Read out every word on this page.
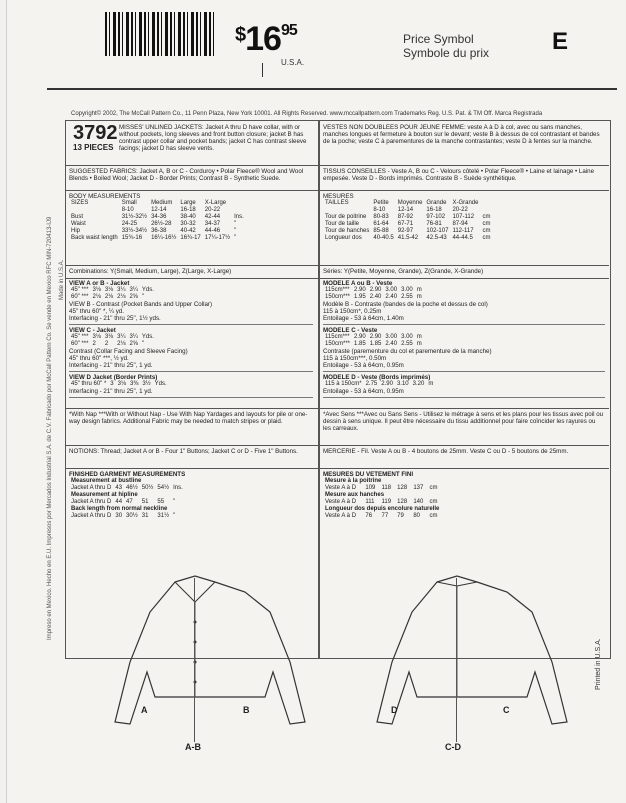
$^{\$}16^{95}$
U.S.A.
Price Symbol
Symbole du prix	E
Copyright© 2002, The McCall Pattern Co., 11 Penn Plaza, New York 10001. All Rights Reserved. www.mccallpattern.com Trademarks Reg. U.S. Pat. & TM Off. Marca Registrada
Impreso en Mexico. Hecho en E.U. Impresos por Mercados Industrial S.A. de C.V. Fabricado por McCall Pattern Co. Se vende en Mexico RFC MIN-720413-IJ9 Made in U.S.A.
3792
13 PIECES
MISSES' UNLINED JACKETS: Jacket A thru D have collar, with or without pockets, long sleeves and front button closure; jacket B has contrast upper collar and pocket bands; jacket C has contrast sleeve facings; jacket D has sleeve vents.
VESTES NON DOUBLEES POUR JEUNE FEMME: veste A à D à col, avec ou sans manches, manches longues et fermeture à bouton sur le devant; veste B à dessus de col contrastant et bandes de la poche; veste C à parementures de la manche contrastantes; veste D à fentes sur la manche.
SUGGESTED FABRICS: Jacket A, B or C - Corduroy • Polar Fleece® Wool and Wool Blends • Boiled Wool; Jacket D - Border Prints; Contrast B - Synthetic Suede.
TISSUS CONSEILLES - Veste A, B ou C - Velours côtelé • Polar Fleece® • Laine et lainage • Laine empesée. Veste D - Bords imprimés. Contraste B - Suède synthétique.
BODY MEASUREMENTS
SIZES	Small	Medium	Large	X-Large	
	8-10	12-14	16-18	20-22	
Bust	31½-32½	34-36	38-40	42-44	Ins.
Waist	24-25	26½-28	30-32	34-37	"
Hip	33½-34½	36-38	40-42	44-46	"
Back waist length	15¾-16	16¼-16½	16¾-17	17¼-17½	"
MESURES
TAILLES	Petite	Moyenne	Grande	X-Grande	
	8-10	12-14	16-18	20-22	
Tour de poitrine	80-83	87-92	97-102	107-112	cm
Tour de taille	61-64	67-71	76-81	87-94	cm
Tour de hanches	85-88	92-97	102-107	112-117	cm
Longueur dos	40-40.5	41.5-42	42.5-43	44-44.5	cm
Combinations: Y(Small, Medium, Large), Z(Large, X-Large)	Séries: Y(Petite, Moyenne, Grande), Z(Grande, X-Grande)
VIEW A or B - Jacket
45" ***	3⅛	3⅛	3¼	3¼	Yds.
60" ***	2⅛	2⅛	2⅛	2⅝	"
VIEW B - Contrast (Pocket Bands and Upper Collar)
45" thru 60" *, ¼ yd.
Interfacing - 21" thru 25", 1½ yds.
VIEW C - Jacket
45" ***	3⅛	3⅛	3¼	3¼	Yds.
60" ***	2	2	2⅛	2⅝	"
Contrast (Collar Facing and Sleeve Facing)
45" thru 60" ***, ½ yd.
Interfacing - 21" thru 25", 1 yd.
VIEW D Jacket (Border Prints)
45" thru 60" *	3	3⅛	3⅜	3½	Yds.
Interfacing - 21" thru 25", 1 yd.
MODELE A ou B - Veste
115cm***	2.90	2.90	3.00	3.00	m
150cm***	1.95	2.40	2.40	2.55	m
Modèle B - Contraste (bandes de la poche et dessus de col)
115 à 150cm*, 0.25m
Entoilage - 53 à 64cm, 1.40m
MODELE C - Veste
115cm***	2.90	2.90	3.00	3.00	m
150cm***	1.85	1.85	2.40	2.55	m
Contraste (parementure du col et parementure de la manche)
115 à 150cm***, 0.50m
Entoilage - 53 à 64cm, 0.95m
MODELE D - Veste (Bords imprimés)
115 à 150cm*	2.75	2.90	3.10	3.20	m
Entoilage - 53 à 64cm, 0.95m
*With Nap ***With or Without Nap - Use With Nap Yardages and layouts for pile or one-way design fabrics. Additional Fabric may be needed to match stripes or plaid.
*Avec Sens ***Avec ou Sans Sens - Utilisez le métrage à sens et les plans pour les tissus avec poil ou dessin à sens unique. Il peut être nécessaire du tissu additionnel pour faire coïncider les rayures ou les carreaux.
NOTIONS: Thread; Jacket A or B - Four 1" Buttons; Jacket C or D - Five 1" Buttons.	MERCERIE - Fil. Veste A ou B - 4 boutons de 25mm. Veste C ou D - 5 boutons de 25mm.
FINISHED GARMENT MEASUREMENTS
Measurement at bustline					
Jacket A thru D	43	46½	50½	54½	Ins.
Measurement at hipline					
Jacket A thru D	44	47	51	55	"
Back length from normal neckline					
Jacket A thru D	30	30½	31	31½	"
MESURES DU VETEMENT FINI
Mesure à la poitrine					
Veste A à D	109	118	128	137	cm
Mesure aux hanches					
Veste A à D	111	119	128	140	cm
Longueur dos depuis encolure naturelle					
Veste A à D	76	77	79	80	cm
A	B
A-B
D	C
C-D
Printed in U.S.A.
